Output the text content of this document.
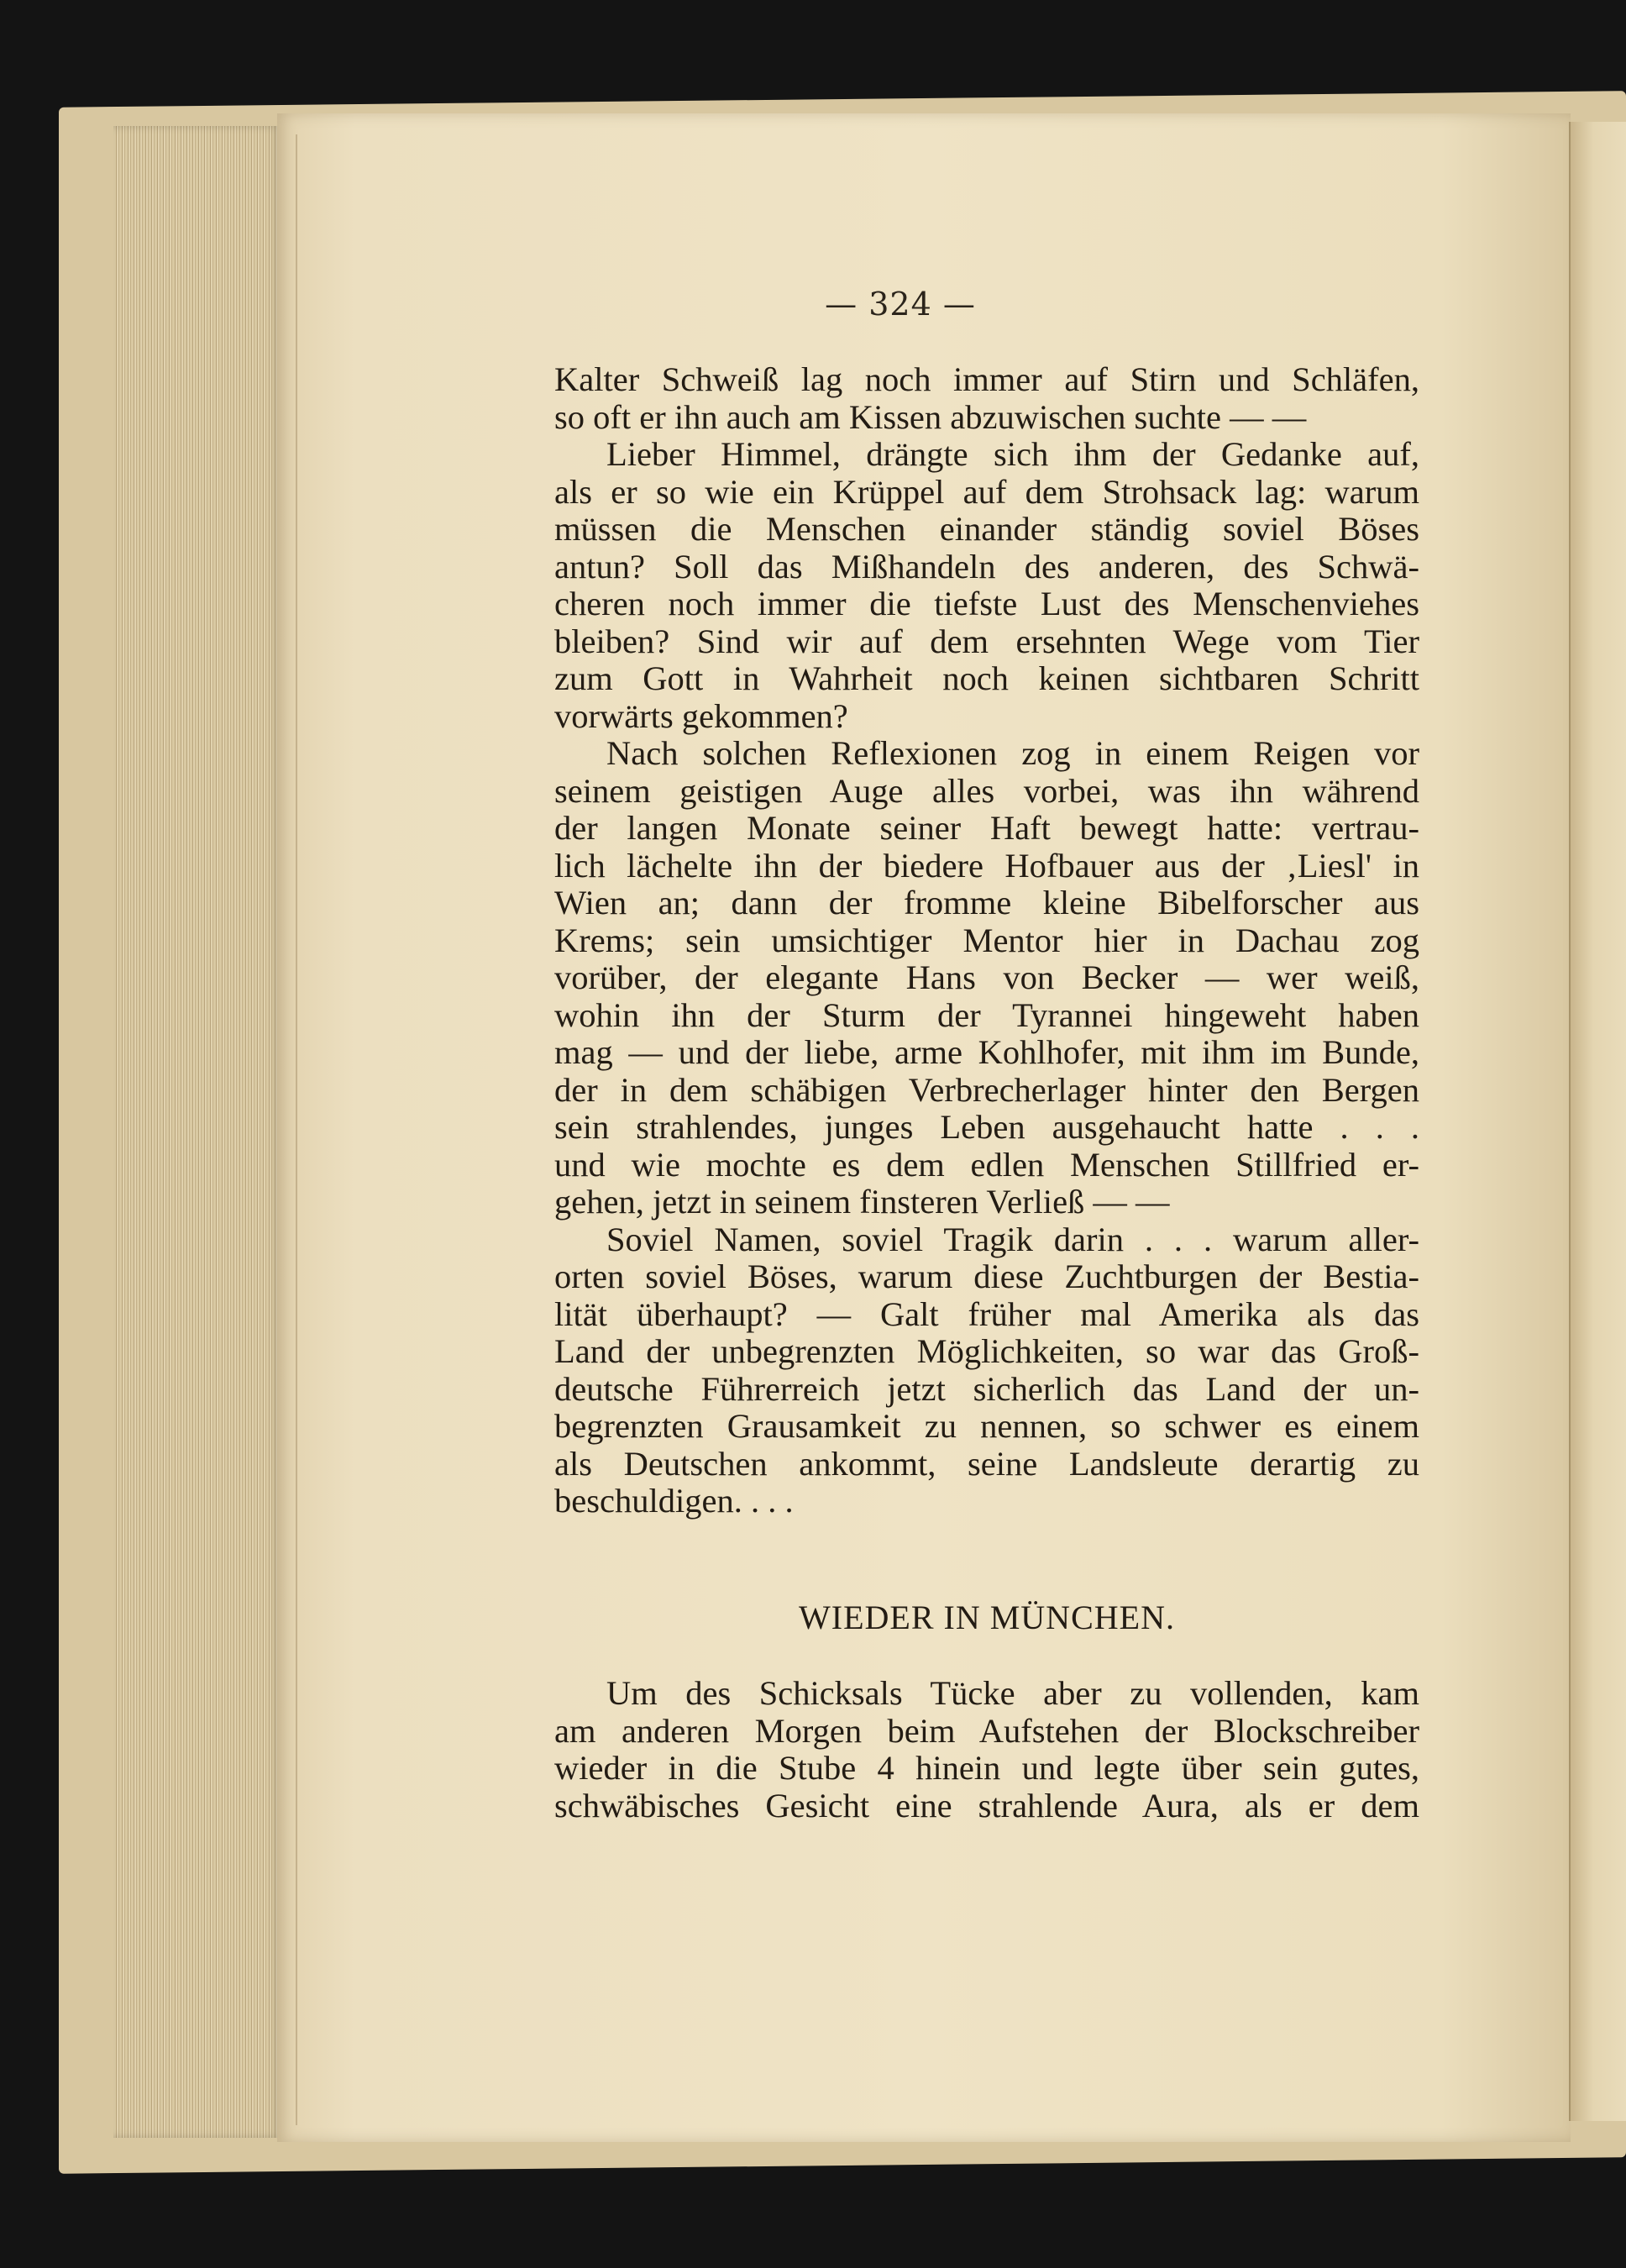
— 324 —
Kalter Schweiß lag noch immer auf Stirn und Schläfen,
so oft er ihn auch am Kissen abzuwischen suchte — —
Lieber Himmel, drängte sich ihm der Gedanke auf,
als er so wie ein Krüppel auf dem Strohsack lag: warum
müssen die Menschen einander ständig soviel Böses
antun? Soll das Mißhandeln des anderen, des Schwä-
cheren noch immer die tiefste Lust des Menschenviehes
bleiben? Sind wir auf dem ersehnten Wege vom Tier
zum Gott in Wahrheit noch keinen sichtbaren Schritt
vorwärts gekommen?
Nach solchen Reflexionen zog in einem Reigen vor
seinem geistigen Auge alles vorbei, was ihn während
der langen Monate seiner Haft bewegt hatte: vertrau-
lich lächelte ihn der biedere Hofbauer aus der ‚Liesl' in
Wien an; dann der fromme kleine Bibelforscher aus
Krems; sein umsichtiger Mentor hier in Dachau zog
vorüber, der elegante Hans von Becker — wer weiß,
wohin ihn der Sturm der Tyrannei hingeweht haben
mag — und der liebe, arme Kohlhofer, mit ihm im Bunde,
der in dem schäbigen Verbrecherlager hinter den Bergen
sein strahlendes, junges Leben ausgehaucht hatte . . .
und wie mochte es dem edlen Menschen Stillfried er-
gehen, jetzt in seinem finsteren Verließ — —
Soviel Namen, soviel Tragik darin . . . warum aller-
orten soviel Böses, warum diese Zuchtburgen der Bestia-
lität überhaupt? — Galt früher mal Amerika als das
Land der unbegrenzten Möglichkeiten, so war das Groß-
deutsche Führerreich jetzt sicherlich das Land der un-
begrenzten Grausamkeit zu nennen, so schwer es einem
als Deutschen ankommt, seine Landsleute derartig zu
beschuldigen. . . .
WIEDER IN MÜNCHEN.
Um des Schicksals Tücke aber zu vollenden, kam
am anderen Morgen beim Aufstehen der Blockschreiber
wieder in die Stube 4 hinein und legte über sein gutes,
schwäbisches Gesicht eine strahlende Aura, als er dem
